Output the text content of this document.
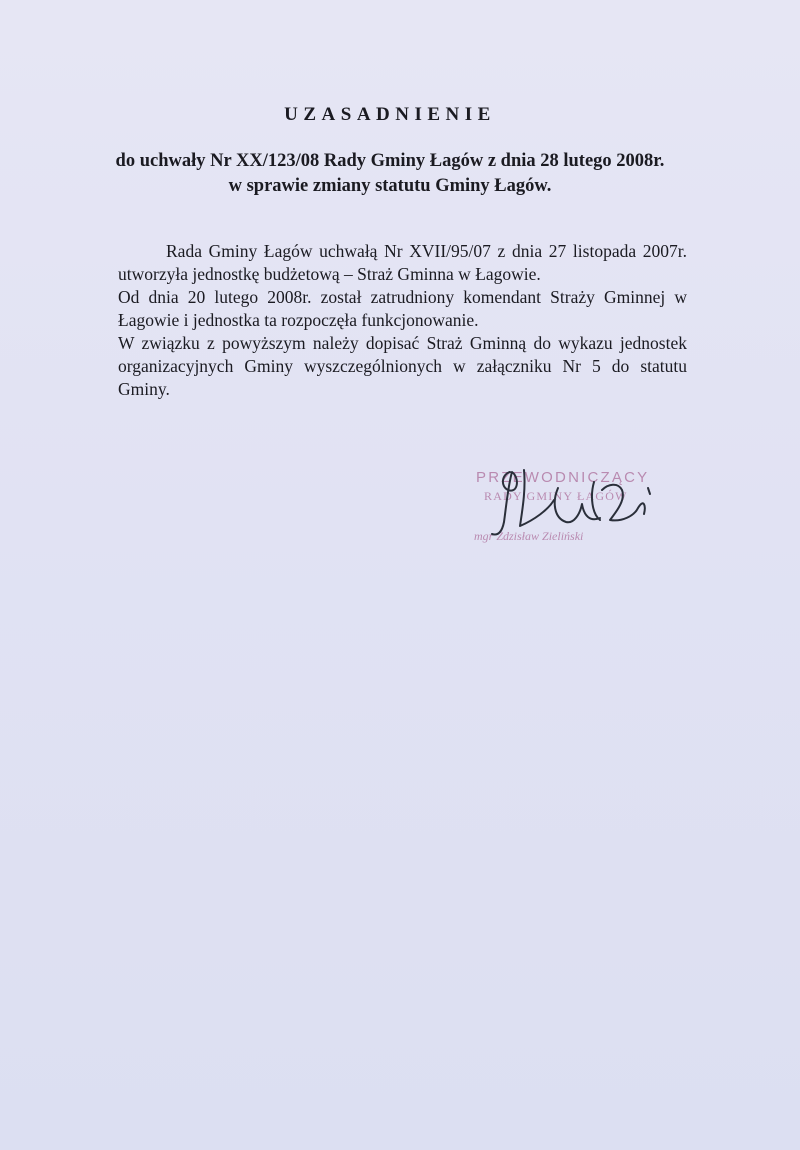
UZASADNIENIE
do uchwały Nr XX/123/08 Rady Gminy Łagów z dnia 28 lutego 2008r.
w sprawie zmiany statutu Gminy Łagów.
Rada Gminy Łagów uchwałą Nr XVII/95/07 z dnia 27 listopada 2007r. utworzyła jednostkę budżetową – Straż Gminna w Łagowie.
Od dnia 20 lutego 2008r. został zatrudniony komendant Straży Gminnej w Łagowie i jednostka ta rozpoczęła funkcjonowanie.
W związku z powyższym należy dopisać Straż Gminną do wykazu jednostek organizacyjnych Gminy wyszczególnionych w załączniku Nr 5 do statutu Gminy.
PRZEWODNICZĄCY
RADY GMINY ŁAGÓW
mgr Zdzisław Zieliński
